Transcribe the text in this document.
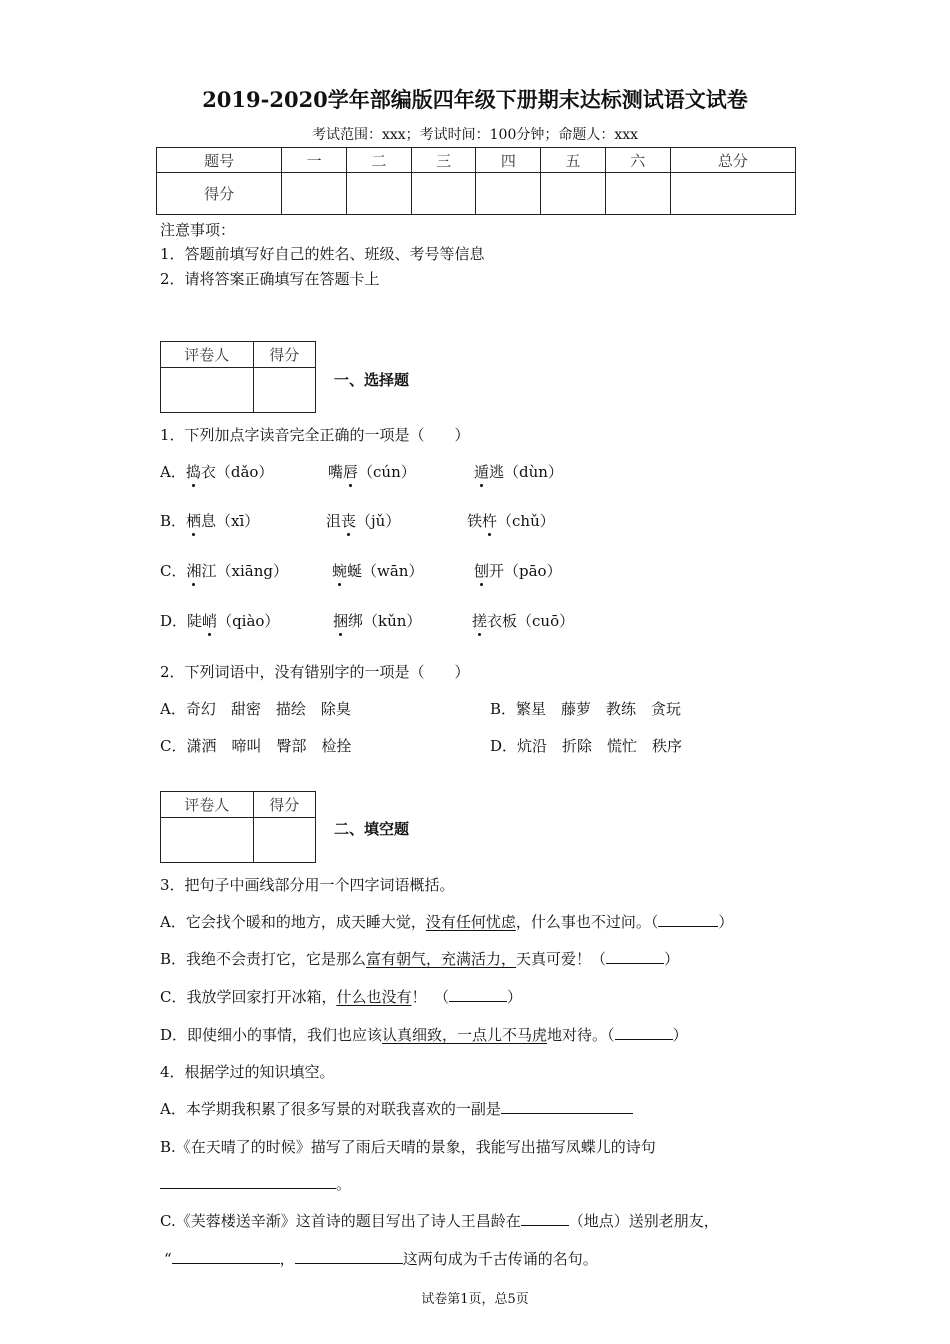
2019-2020学年部编版四年级下册期末达标测试语文试卷
考试范围：xxx；考试时间：100分钟；命题人：xxx
题号	一	二	三	四	五	六	总分
得分							
注意事项：
1．答题前填写好自己的姓名、班级、考号等信息
2．请将答案正确填写在答题卡上
评卷人	得分

一、选择题
1．下列加点字读音完全正确的一项是（　　）
A．捣衣（dǎo）	嘴唇（cún）	遁逃（dùn）
B．栖息（xī）	沮丧（jǔ）	铁杵（chǔ）
C．湘江（xiāng）	蜿蜒（wān）	刨开（pāo）
D．陡峭（qiào）	捆绑（kǔn）	搓衣板（cuō）
2．下列词语中，没有错别字的一项是（　　）
A．奇幻　甜密　描绘　除臭	B．繁星　藤萝　教练　贪玩
C．潇洒　啼叫　臀部　检拴	D．炕沿　折除　慌忙　秩序
评卷人	得分

二、填空题
3．把句子中画线部分用一个四字词语概括。
A．它会找个暖和的地方，成天睡大觉，没有任何忧虑，什么事也不过问。（	）
B．我绝不会责打它，它是那么富有朝气，充满活力，天真可爱！（	）
C．我放学回家打开冰箱，什么也没有！　（	）
D．即使细小的事情，我们也应该认真细致，一点儿不马虎地对待。（	）
4．根据学过的知识填空。
A．本学期我积累了很多写景的对联我喜欢的一副是
B.《在天晴了的时候》描写了雨后天晴的景象，我能写出描写凤蝶儿的诗句
。
C.《芙蓉楼送辛渐》这首诗的题目写出了诗人王昌龄在	（地点）送别老朋友，
“	，	这两句成为千古传诵的名句。
试卷第1页，总5页
